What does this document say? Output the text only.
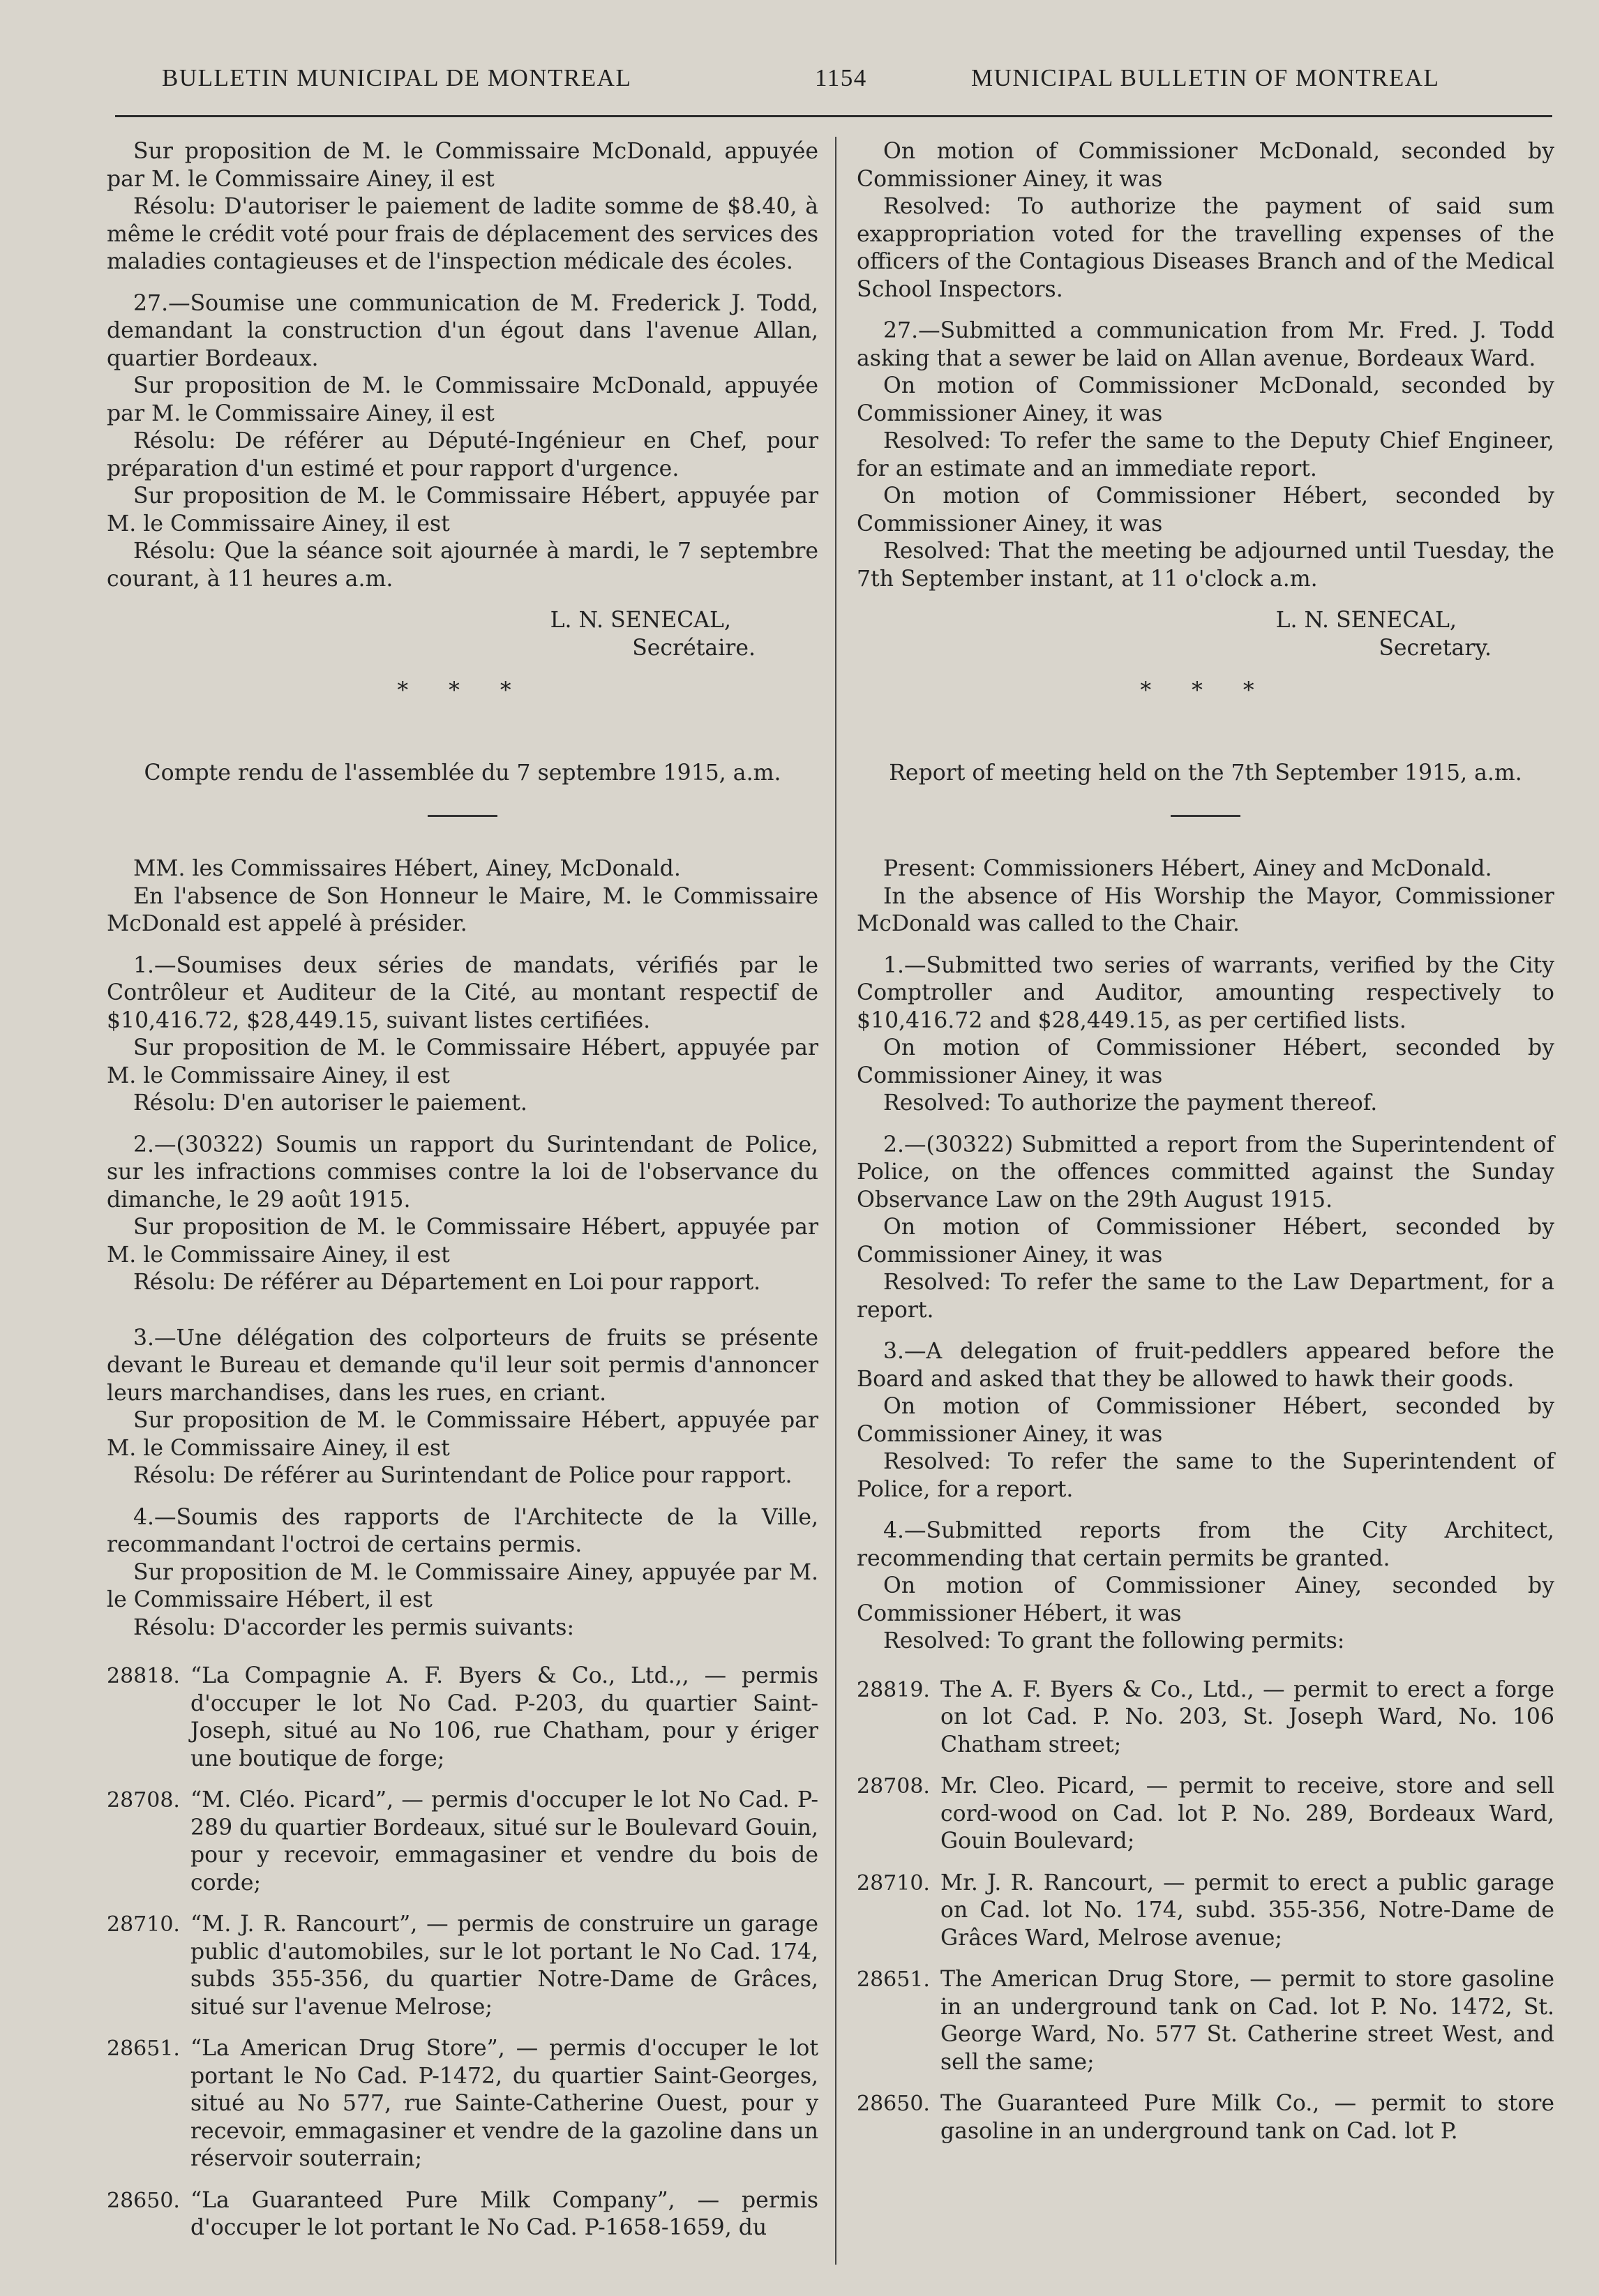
BULLETIN MUNICIPAL DE MONTREAL	1154	MUNICIPAL BULLETIN OF MONTREAL

Sur proposition de M. le Commissaire McDonald, appuyée par M. le Commissaire Ainey, il est

Résolu: D'autoriser le paiement de ladite somme de $8.40, à même le crédit voté pour frais de déplacement des services des maladies contagieuses et de l'inspection médicale des écoles.

27.—Soumise une communication de M. Frederick J. Todd, demandant la construction d'un égout dans l'avenue Allan, quartier Bordeaux.

Sur proposition de M. le Commissaire McDonald, appuyée par M. le Commissaire Ainey, il est

Résolu: De référer au Député-Ingénieur en Chef, pour préparation d'un estimé et pour rapport d'urgence.

Sur proposition de M. le Commissaire Hébert, appuyée par M. le Commissaire Ainey, il est

Résolu: Que la séance soit ajournée à mardi, le 7 septembre courant, à 11 heures a.m.

L. N. SENECAL,
Secrétaire.
* * *
Compte rendu de l'assemblée du 7 septembre 1915, a.m.

MM. les Commissaires Hébert, Ainey, McDonald.

En l'absence de Son Honneur le Maire, M. le Commissaire McDonald est appelé à présider.

1.—Soumises deux séries de mandats, vérifiés par le Contrôleur et Auditeur de la Cité, au montant respectif de $10,416.72, $28,449.15, suivant listes certifiées.

Sur proposition de M. le Commissaire Hébert, appuyée par M. le Commissaire Ainey, il est

Résolu: D'en autoriser le paiement.

2.—(30322) Soumis un rapport du Surintendant de Police, sur les infractions commises contre la loi de l'observance du dimanche, le 29 août 1915.

Sur proposition de M. le Commissaire Hébert, appuyée par M. le Commissaire Ainey, il est

Résolu: De référer au Département en Loi pour rapport.

3.—Une délégation des colporteurs de fruits se présente devant le Bureau et demande qu'il leur soit permis d'annoncer leurs marchandises, dans les rues, en criant.

Sur proposition de M. le Commissaire Hébert, appuyée par M. le Commissaire Ainey, il est

Résolu: De référer au Surintendant de Police pour rapport.

4.—Soumis des rapports de l'Architecte de la Ville, recommandant l'octroi de certains permis.

Sur proposition de M. le Commissaire Ainey, appuyée par M. le Commissaire Hébert, il est

Résolu: D'accorder les permis suivants:

28818. “La Compagnie A. F. Byers & Co., Ltd.,, — permis d'occuper le lot No Cad. P-203, du quartier Saint-Joseph, situé au No 106, rue Chatham, pour y ériger une boutique de forge;
28708. “M. Cléo. Picard”, — permis d'occuper le lot No Cad. P-289 du quartier Bordeaux, situé sur le Boulevard Gouin, pour y recevoir, emmagasiner et vendre du bois de corde;
28710. “M. J. R. Rancourt”, — permis de construire un garage public d'automobiles, sur le lot portant le No Cad. 174, subds 355-356, du quartier Notre-Dame de Grâces, situé sur l'avenue Melrose;
28651. “La American Drug Store”, — permis d'occuper le lot portant le No Cad. P-1472, du quartier Saint-Georges, situé au No 577, rue Sainte-Catherine Ouest, pour y recevoir, emmagasiner et vendre de la gazoline dans un réservoir souterrain;
28650. “La Guaranteed Pure Milk Company”, — permis d'occuper le lot portant le No Cad. P-1658-1659, du

On motion of Commissioner McDonald, seconded by Commissioner Ainey, it was

Resolved: To authorize the payment of said sum exappropriation voted for the travelling expenses of the officers of the Contagious Diseases Branch and of the Medical School Inspectors.

27.—Submitted a communication from Mr. Fred. J. Todd asking that a sewer be laid on Allan avenue, Bordeaux Ward.

On motion of Commissioner McDonald, seconded by Commissioner Ainey, it was

Resolved: To refer the same to the Deputy Chief Engineer, for an estimate and an immediate report.

On motion of Commissioner Hébert, seconded by Commissioner Ainey, it was

Resolved: That the meeting be adjourned until Tuesday, the 7th September instant, at 11 o'clock a.m.

L. N. SENECAL,
Secretary.
* * *
Report of meeting held on the 7th September 1915, a.m.

Present: Commissioners Hébert, Ainey and McDonald.

In the absence of His Worship the Mayor, Commissioner McDonald was called to the Chair.

1.—Submitted two series of warrants, verified by the City Comptroller and Auditor, amounting respectively to $10,416.72 and $28,449.15, as per certified lists.

On motion of Commissioner Hébert, seconded by Commissioner Ainey, it was

Resolved: To authorize the payment thereof.

2.—(30322) Submitted a report from the Superintendent of Police, on the offences committed against the Sunday Observance Law on the 29th August 1915.

On motion of Commissioner Hébert, seconded by Commissioner Ainey, it was

Resolved: To refer the same to the Law Department, for a report.

3.—A delegation of fruit-peddlers appeared before the Board and asked that they be allowed to hawk their goods.

On motion of Commissioner Hébert, seconded by Commissioner Ainey, it was

Resolved: To refer the same to the Superintendent of Police, for a report.

4.—Submitted reports from the City Architect, recommending that certain permits be granted.

On motion of Commissioner Ainey, seconded by Commissioner Hébert, it was

Resolved: To grant the following permits:

28819. The A. F. Byers & Co., Ltd., — permit to erect a forge on lot Cad. P. No. 203, St. Joseph Ward, No. 106 Chatham street;
28708. Mr. Cleo. Picard, — permit to receive, store and sell cord-wood on Cad. lot P. No. 289, Bordeaux Ward, Gouin Boulevard;
28710. Mr. J. R. Rancourt, — permit to erect a public garage on Cad. lot No. 174, subd. 355-356, Notre-Dame de Grâces Ward, Melrose avenue;
28651. The American Drug Store, — permit to store gasoline in an underground tank on Cad. lot P. No. 1472, St. George Ward, No. 577 St. Catherine street West, and sell the same;
28650. The Guaranteed Pure Milk Co., — permit to store gasoline in an underground tank on Cad. lot P.
